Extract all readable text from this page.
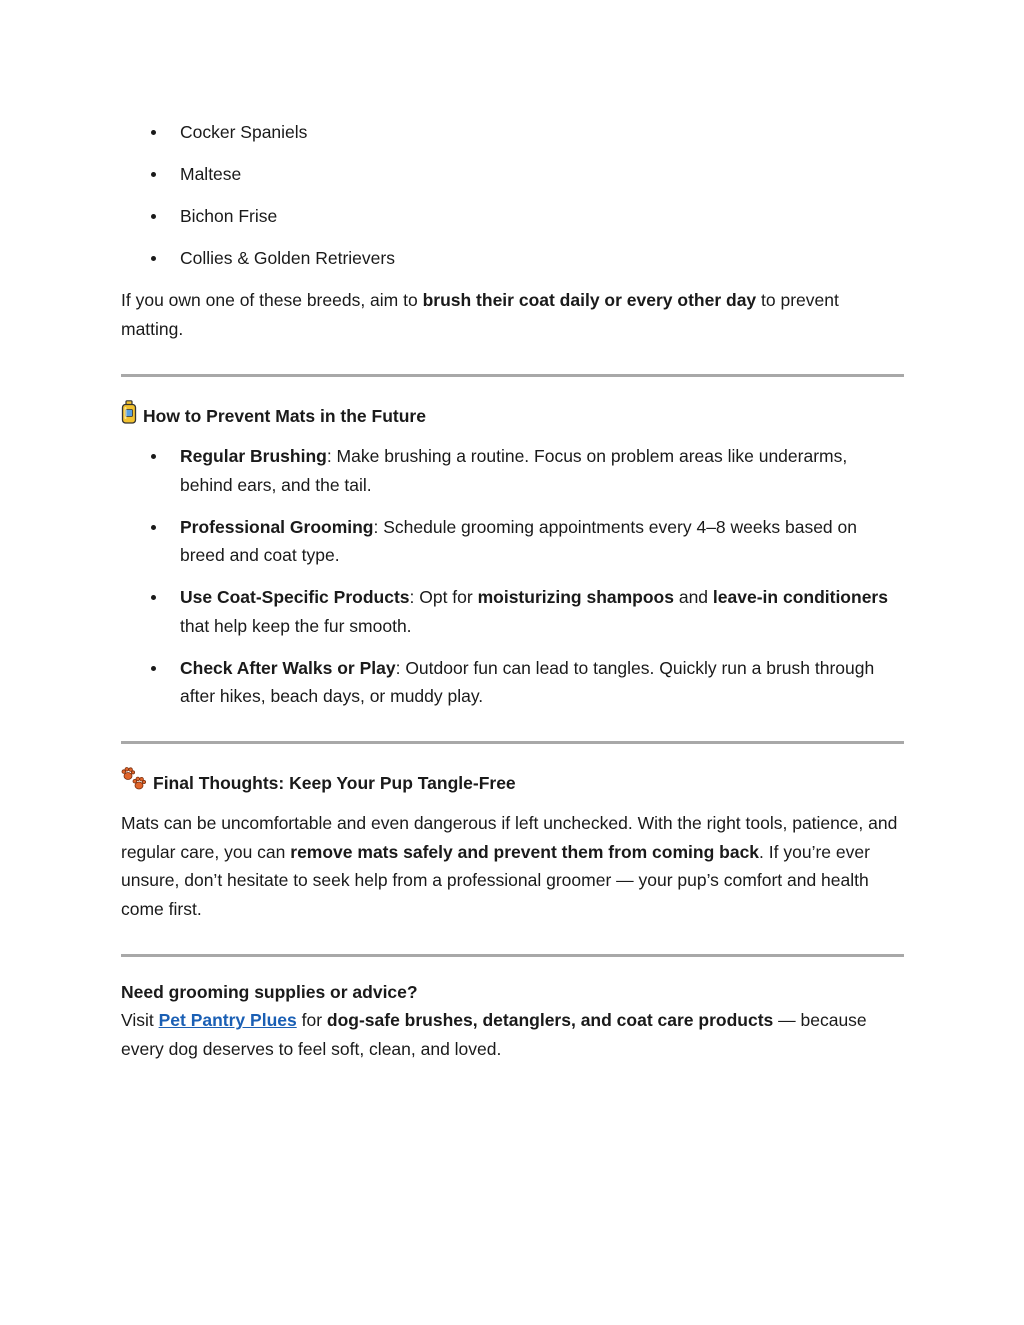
Cocker Spaniels
Maltese
Bichon Frise
Collies & Golden Retrievers

If you own one of these breeds, aim to brush their coat daily or every other day to prevent matting.

How to Prevent Mats in the Future
Regular Brushing: Make brushing a routine. Focus on problem areas like underarms, behind ears, and the tail.
Professional Grooming: Schedule grooming appointments every 4–8 weeks based on breed and coat type.
Use Coat-Specific Products: Opt for moisturizing shampoos and leave-in conditioners that help keep the fur smooth.
Check After Walks or Play: Outdoor fun can lead to tangles. Quickly run a brush through after hikes, beach days, or muddy play.
Final Thoughts: Keep Your Pup Tangle-Free

Mats can be uncomfortable and even dangerous if left unchecked. With the right tools, patience, and regular care, you can remove mats safely and prevent them from coming back. If you’re ever unsure, don’t hesitate to seek help from a professional groomer — your pup’s comfort and health come first.

Need grooming supplies or advice?

Visit Pet Pantry Plues for dog-safe brushes, detanglers, and coat care products — because every dog deserves to feel soft, clean, and loved.
